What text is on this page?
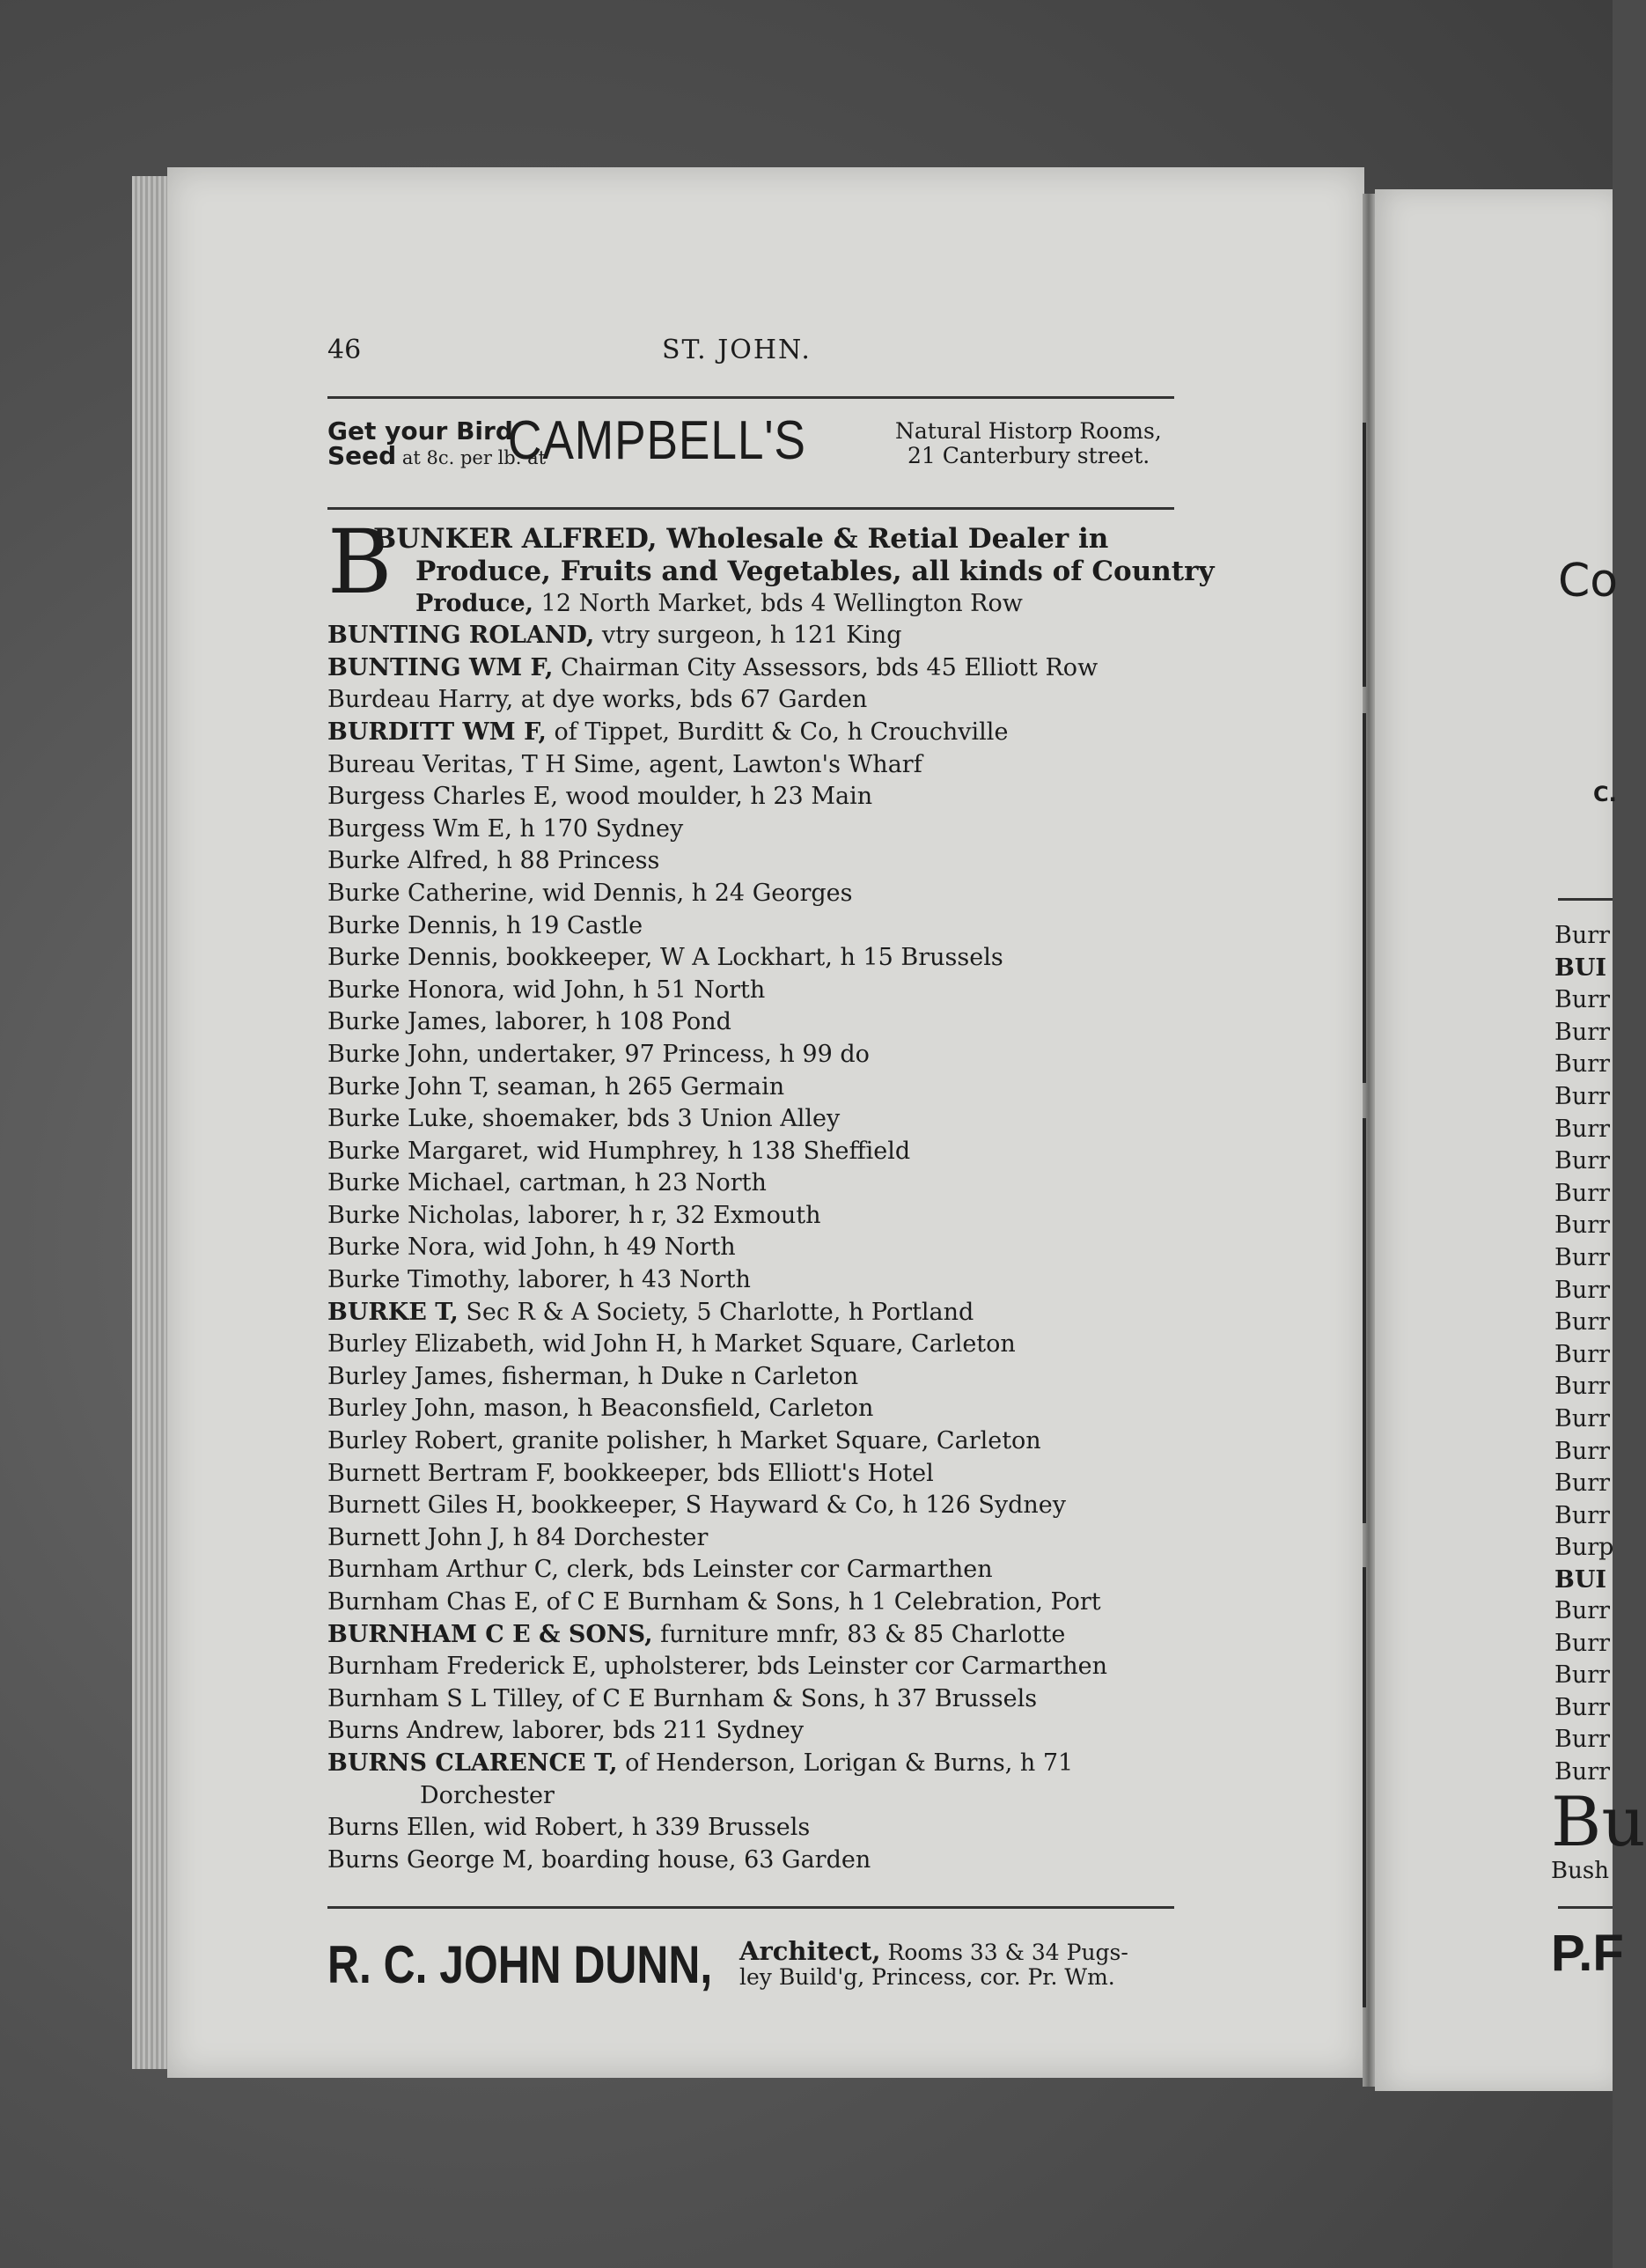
46	ST. JOHN.
Get your Bird
Seed at 8c. per lb. at
CAMPBELL'S	Natural Historp Rooms,
21 Canterbury street.
B
BUNKER ALFRED, Wholesale & Retial Dealer in
Produce, Fruits and Vegetables, all kinds of Country
Produce, 12 North Market, bds 4 Wellington Row
BUNTING ROLAND, vtry surgeon, h 121 King
BUNTING WM F, Chairman City Assessors, bds 45 Elliott Row
Burdeau Harry, at dye works, bds 67 Garden
BURDITT WM F, of Tippet, Burditt & Co, h Crouchville
Bureau Veritas, T H Sime, agent, Lawton's Wharf
Burgess Charles E, wood moulder, h 23 Main
Burgess Wm E, h 170 Sydney
Burke Alfred, h 88 Princess
Burke Catherine, wid Dennis, h 24 Georges
Burke Dennis, h 19 Castle
Burke Dennis, bookkeeper, W A Lockhart, h 15 Brussels
Burke Honora, wid John, h 51 North
Burke James, laborer, h 108 Pond
Burke John, undertaker, 97 Princess, h 99 do
Burke John T, seaman, h 265 Germain
Burke Luke, shoemaker, bds 3 Union Alley
Burke Margaret, wid Humphrey, h 138 Sheffield
Burke Michael, cartman, h 23 North
Burke Nicholas, laborer, h r, 32 Exmouth
Burke Nora, wid John, h 49 North
Burke Timothy, laborer, h 43 North
BURKE T, Sec R & A Society, 5 Charlotte, h Portland
Burley Elizabeth, wid John H, h Market Square, Carleton
Burley James, fisherman, h Duke n Carleton
Burley John, mason, h Beaconsfield, Carleton
Burley Robert, granite polisher, h Market Square, Carleton
Burnett Bertram F, bookkeeper, bds Elliott's Hotel
Burnett Giles H, bookkeeper, S Hayward & Co, h 126 Sydney
Burnett John J, h 84 Dorchester
Burnham Arthur C, clerk, bds Leinster cor Carmarthen
Burnham Chas E, of C E Burnham & Sons, h 1 Celebration, Port
BURNHAM C E & SONS, furniture mnfr, 83 & 85 Charlotte
Burnham Frederick E, upholsterer, bds Leinster cor Carmarthen
Burnham S L Tilley, of C E Burnham & Sons, h 37 Brussels
Burns Andrew, laborer, bds 211 Sydney
BURNS CLARENCE T, of Henderson, Lorigan & Burns, h 71
Dorchester
Burns Ellen, wid Robert, h 339 Brussels
Burns George M, boarding house, 63 Garden
R. C. JOHN DUNN, Architect, Rooms 33 & 34 Pugs-
ley Build'g, Princess, cor. Pr. Wm.
Co
C.
Burr
BUI
Burr
Burr
Burr
Burr
Burr
Burr
Burr
Burr
Burr
Burr
Burr
Burr
Burr
Burr
Burr
Burr
Burr
Burp
BUI
Burr
Burr
Burr
Burr
Burr
Burr
Bu
Bush
P.F
